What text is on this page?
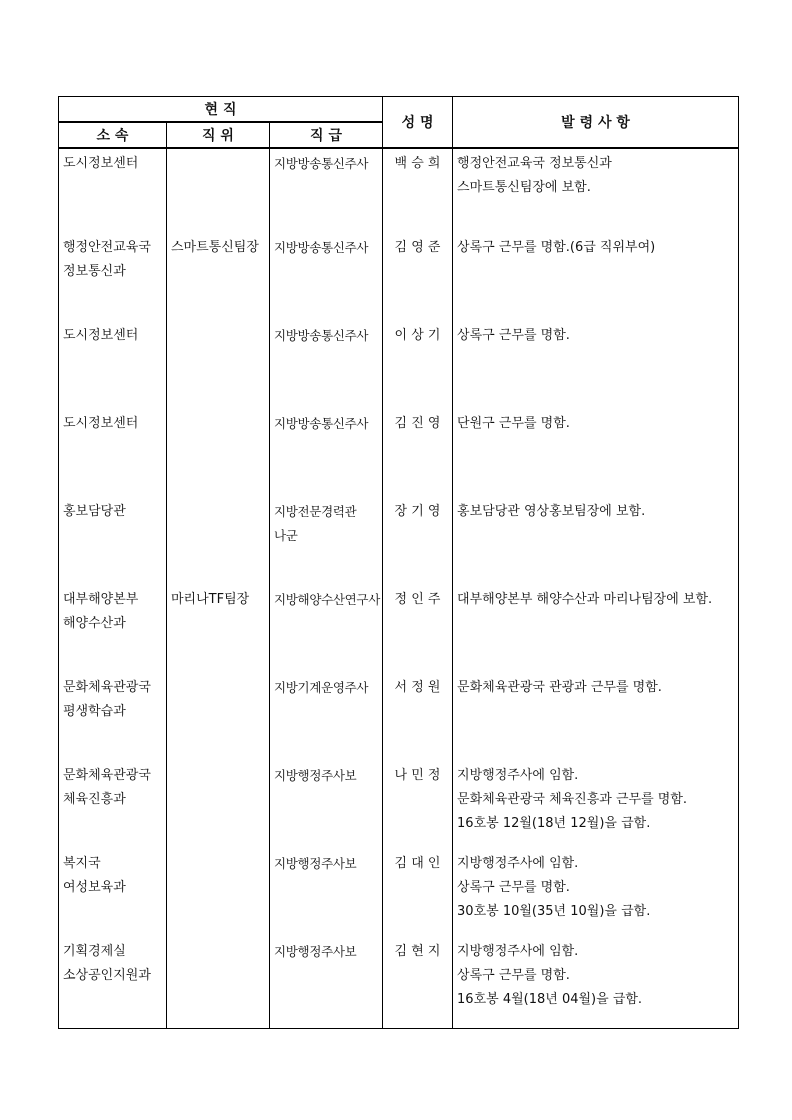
현 직			성 명	발 령 사 항
소 속	직 위	직 급		

도시정보센터		지방방송통신주사	백 승 희	행정안전교육국 정보통신과
스마트통신팀장에 보함.

행정안전교육국
정보통신과	스마트통신팀장	지방방송통신주사	김 영 준	상록구 근무를 명함.(6급 직위부여)

도시정보센터		지방방송통신주사	이 상 기	상록구 근무를 명함.

도시정보센터		지방방송통신주사	김 진 영	단원구 근무를 명함.

홍보담당관		지방전문경력관
나군	장 기 영	홍보담당관 영상홍보팀장에 보함.

대부해양본부
해양수산과	마리나TF팀장	지방해양수산연구사	정 인 주	대부해양본부 해양수산과 마리나팀장에 보함.

문화체육관광국
평생학습과		지방기계운영주사	서 정 원	문화체육관광국 관광과 근무를 명함.

문화체육관광국
체육진흥과		지방행정주사보	나 민 정	지방행정주사에 임함.
문화체육관광국 체육진흥과 근무를 명함.
16호봉 12월(18년 12월)을 급함.

복지국
여성보육과		지방행정주사보	김 대 인	지방행정주사에 임함.
상록구 근무를 명함.
30호봉 10월(35년 10월)을 급함.

기획경제실
소상공인지원과		지방행정주사보	김 현 지	지방행정주사에 임함.
상록구 근무를 명함.
16호봉 4월(18년 04월)을 급함.
